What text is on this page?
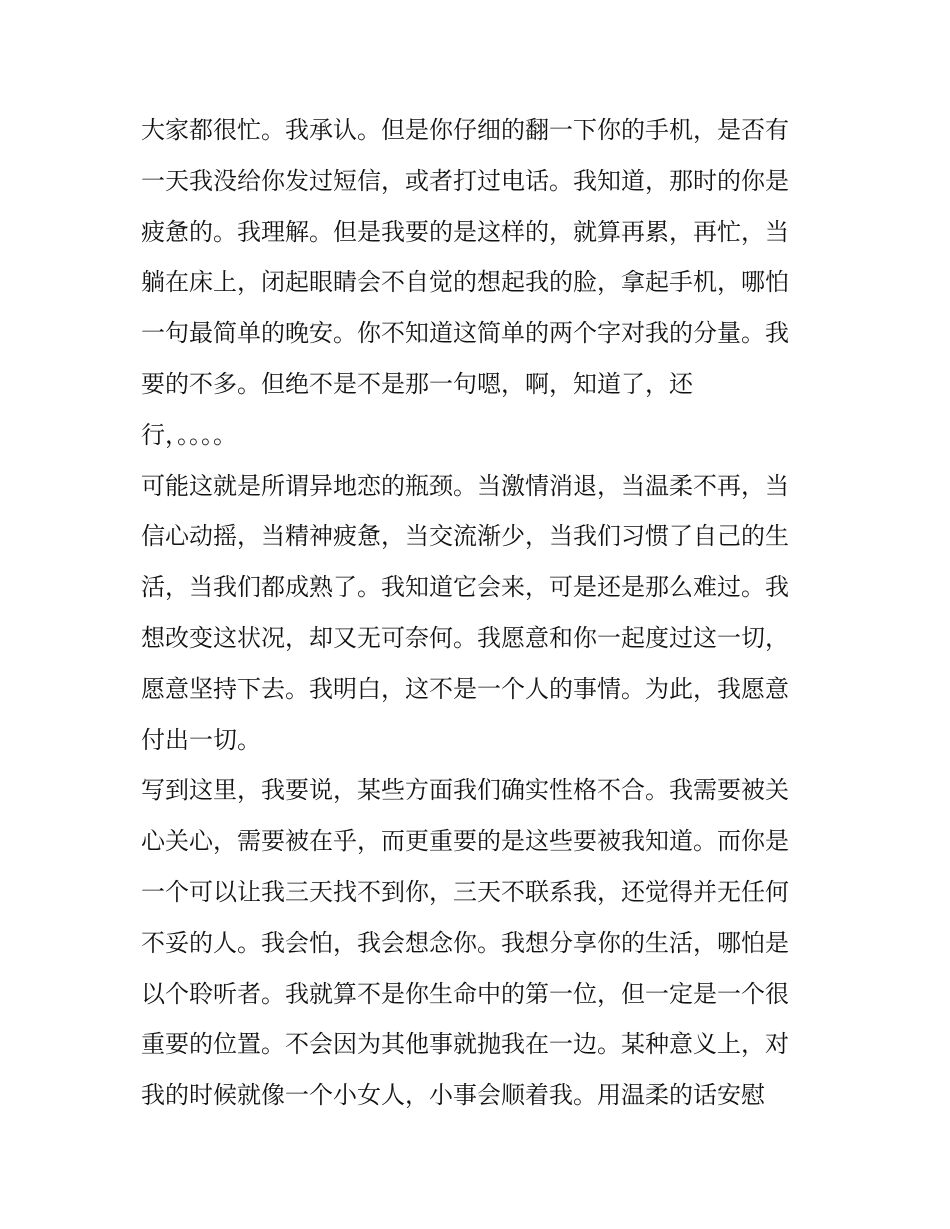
大家都很忙。我承认。但是你仔细的翻一下你的手机，是否有
一天我没给你发过短信，或者打过电话。我知道，那时的你是
疲惫的。我理解。但是我要的是这样的，就算再累，再忙，当
躺在床上，闭起眼睛会不自觉的想起我的脸，拿起手机，哪怕
一句最简单的晚安。你不知道这简单的两个字对我的分量。我
要的不多。但绝不是不是那一句嗯，啊，知道了，还
行，。。。。
可能这就是所谓异地恋的瓶颈。当激情消退，当温柔不再，当
信心动摇，当精神疲惫，当交流渐少，当我们习惯了自己的生
活，当我们都成熟了。我知道它会来，可是还是那么难过。我
想改变这状况，却又无可奈何。我愿意和你一起度过这一切，
愿意坚持下去。我明白，这不是一个人的事情。为此，我愿意
付出一切。
写到这里，我要说，某些方面我们确实性格不合。我需要被关
心关心，需要被在乎，而更重要的是这些要被我知道。而你是
一个可以让我三天找不到你，三天不联系我，还觉得并无任何
不妥的人。我会怕，我会想念你。我想分享你的生活，哪怕是
以个聆听者。我就算不是你生命中的第一位，但一定是一个很
重要的位置。不会因为其他事就抛我在一边。某种意义上，对
我的时候就像一个小女人，小事会顺着我。用温柔的话安慰
